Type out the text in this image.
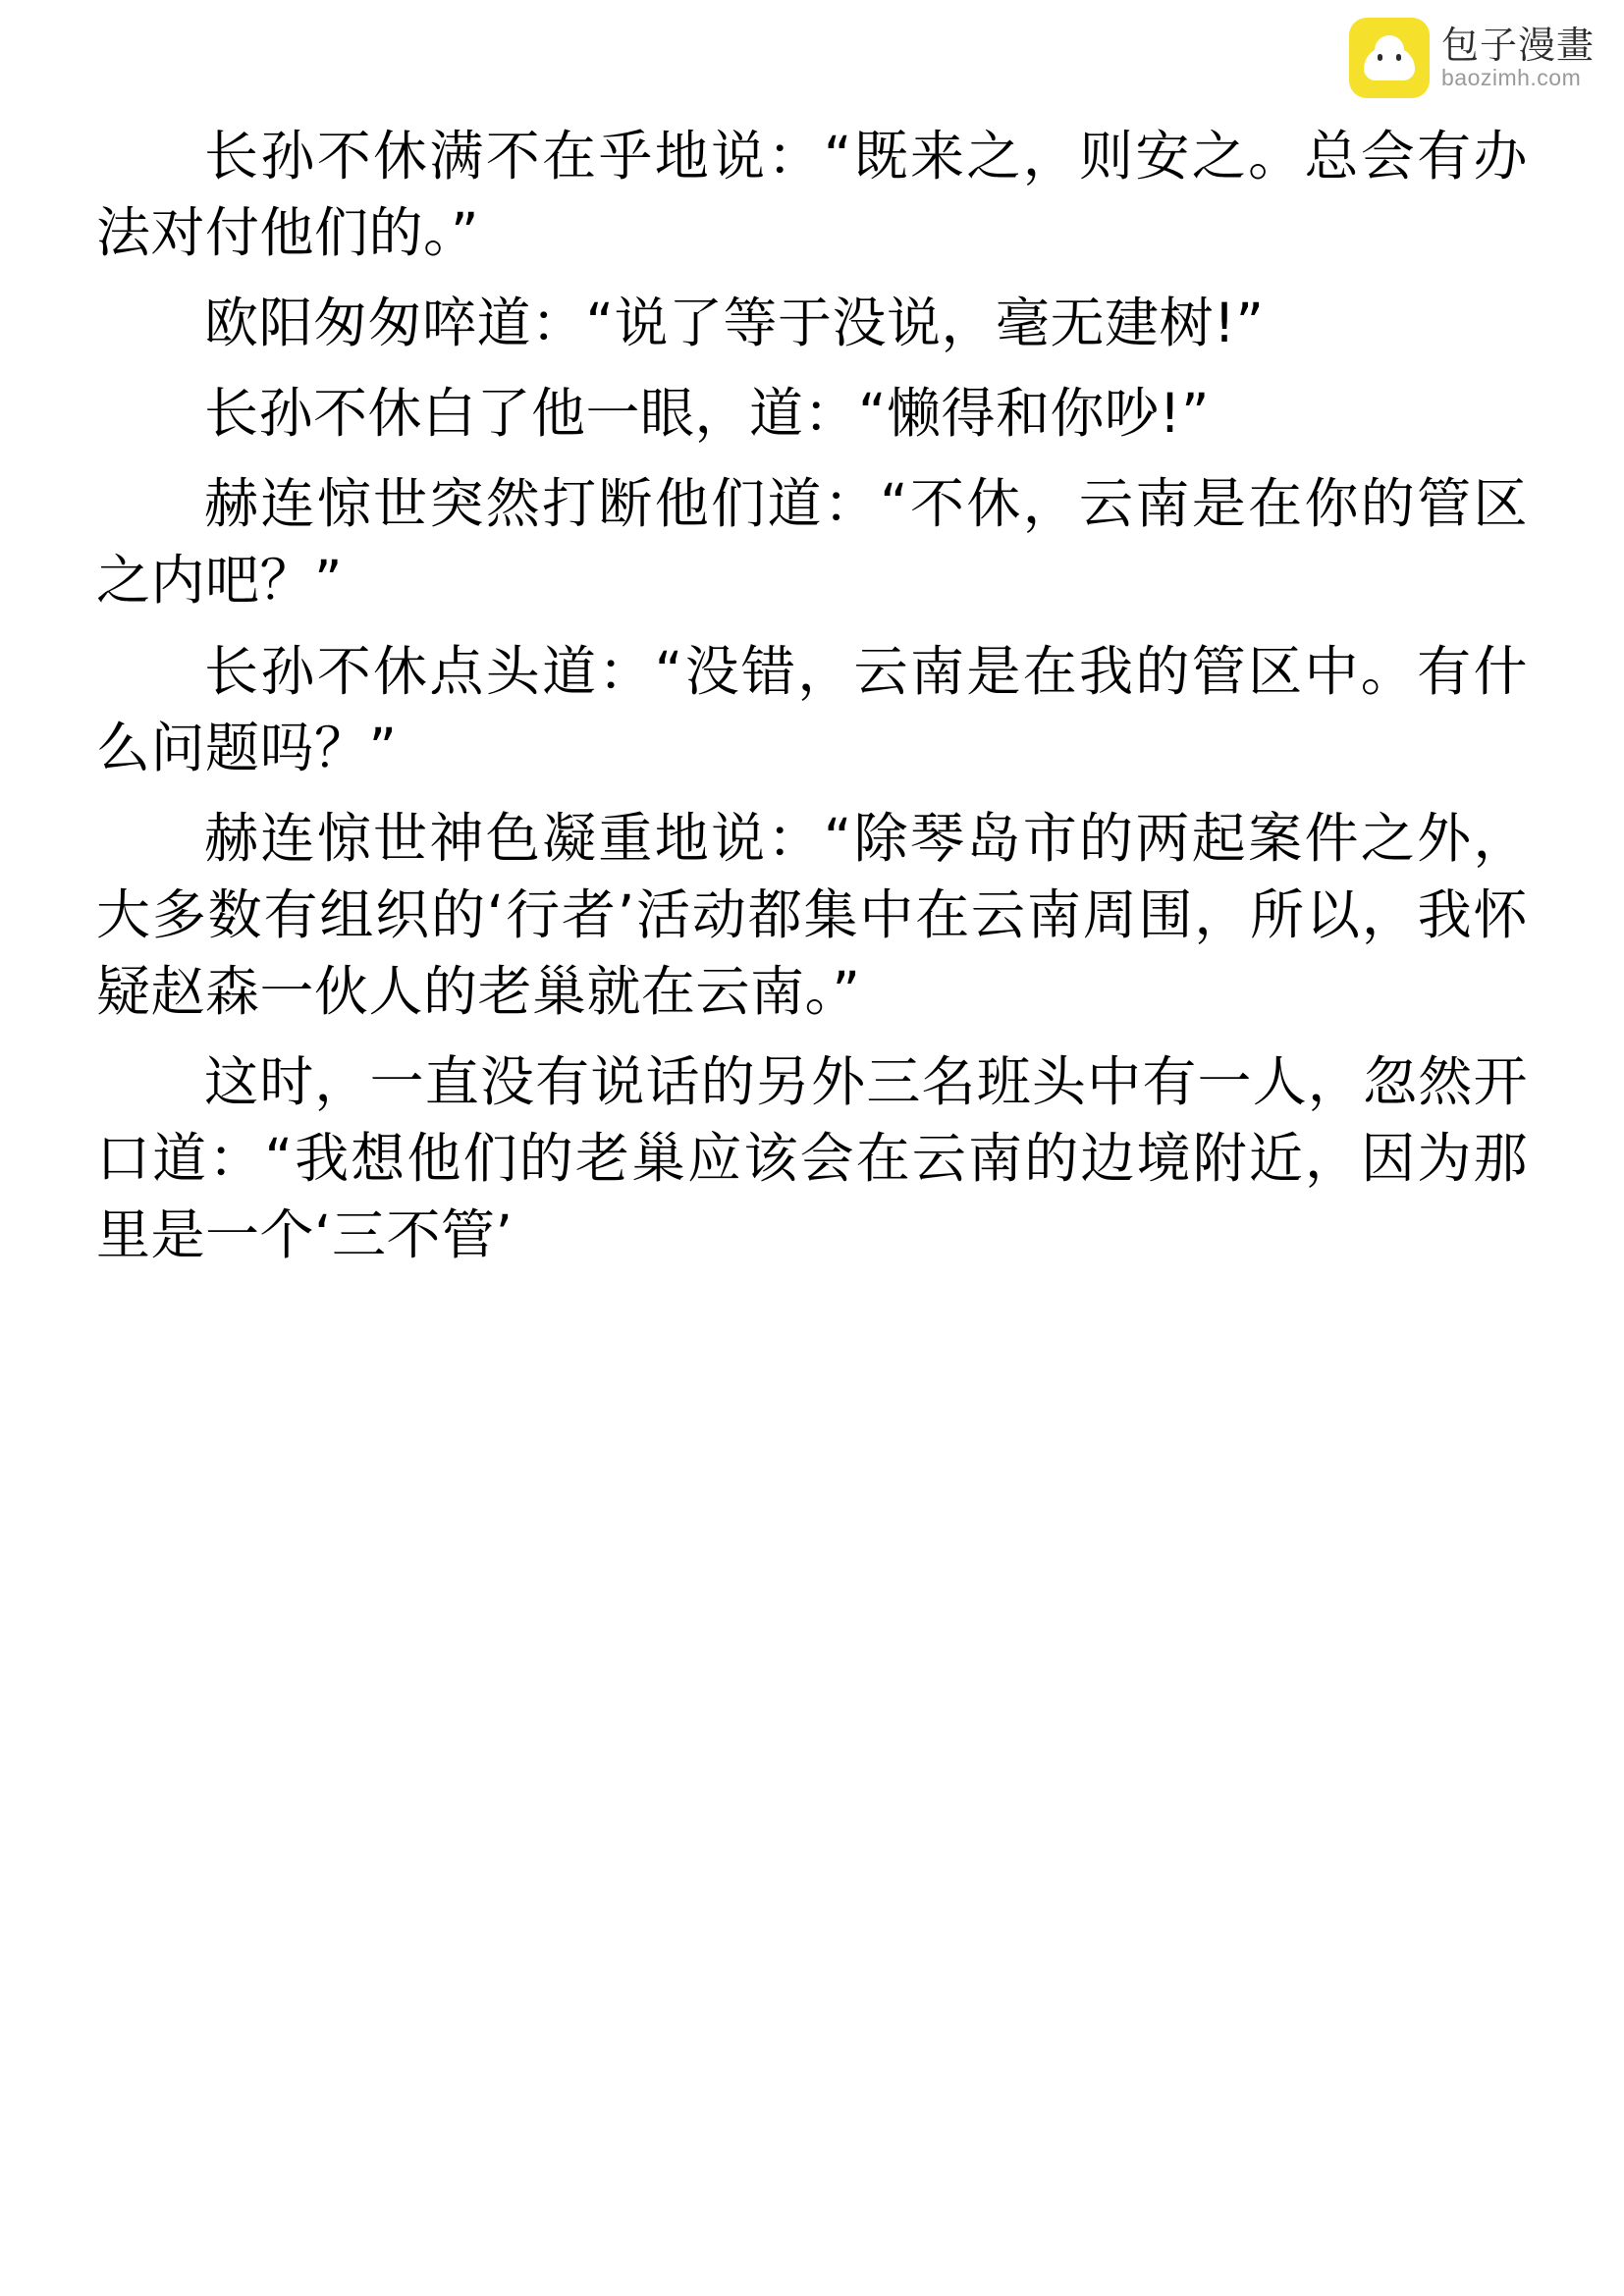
包子漫畫
baozimh.com

长孙不休满不在乎地说：“既来之，则安之。总会有办法对付他们的。”

欧阳匆匆啐道：“说了等于没说，毫无建树!”

长孙不休白了他一眼，道：“懒得和你吵!”

赫连惊世突然打断他们道：“不休，云南是在你的管区之内吧？”

长孙不休点头道：“没错，云南是在我的管区中。有什么问题吗？”

赫连惊世神色凝重地说：“除琴岛市的两起案件之外，大多数有组织的‘行者’活动都集中在云南周围，所以，我怀疑赵森一伙人的老巢就在云南。”

这时，一直没有说话的另外三名班头中有一人，忽然开口道：“我想他们的老巢应该会在云南的边境附近，因为那里是一个‘三不管’
